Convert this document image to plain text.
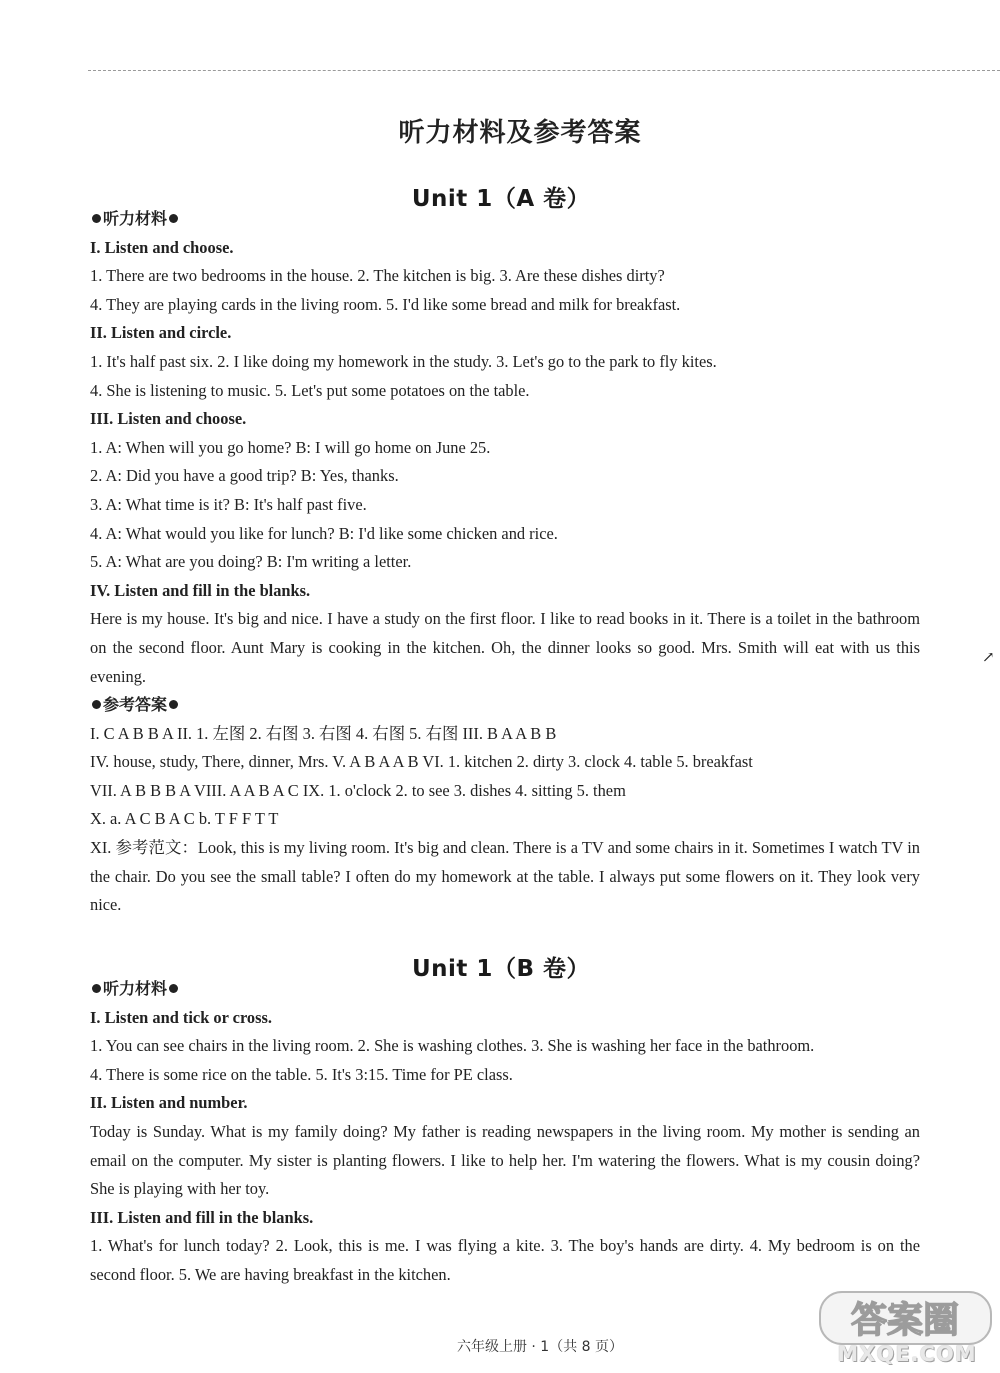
听力材料及参考答案
Unit 1（A 卷）
听力材料
I. Listen and choose.
1. There are two bedrooms in the house. 2. The kitchen is big. 3. Are these dishes dirty?
4. They are playing cards in the living room. 5. I'd like some bread and milk for breakfast.
II. Listen and circle.
1. It's half past six. 2. I like doing my homework in the study. 3. Let's go to the park to fly kites.
4. She is listening to music. 5. Let's put some potatoes on the table.
III. Listen and choose.
1. A: When will you go home? B: I will go home on June 25.
2. A: Did you have a good trip? B: Yes, thanks.
3. A: What time is it? B: It's half past five.
4. A: What would you like for lunch? B: I'd like some chicken and rice.
5. A: What are you doing? B: I'm writing a letter.
IV. Listen and fill in the blanks.
Here is my house. It's big and nice. I have a study on the first floor. I like to read books in it. There is a toilet in the bathroom on the second floor. Aunt Mary is cooking in the kitchen. Oh, the dinner looks so good. Mrs. Smith will eat with us this evening.
参考答案
I. C A B B A II. 1. 左图 2. 右图 3. 右图 4. 右图 5. 右图 III. B A A B B
IV. house, study, There, dinner, Mrs. V. A B A A B VI. 1. kitchen 2. dirty 3. clock 4. table 5. breakfast
VII. A B B B A VIII. A A B A C IX. 1. o'clock 2. to see 3. dishes 4. sitting 5. them
X. a. A C B A C b. T F F T T
XI. 参考范文：Look, this is my living room. It's big and clean. There is a TV and some chairs in it. Sometimes I watch TV in the chair. Do you see the small table? I often do my homework at the table. I always put some flowers on it. They look very nice.
Unit 1（B 卷）
听力材料
I. Listen and tick or cross.
1. You can see chairs in the living room. 2. She is washing clothes. 3. She is washing her face in the bathroom.
4. There is some rice on the table. 5. It's 3:15. Time for PE class.
II. Listen and number.
Today is Sunday. What is my family doing? My father is reading newspapers in the living room. My mother is sending an email on the computer. My sister is planting flowers. I like to help her. I'm watering the flowers. What is my cousin doing? She is playing with her toy.
III. Listen and fill in the blanks.
1. What's for lunch today? 2. Look, this is me. I was flying a kite. 3. The boy's hands are dirty. 4. My bedroom is on the second floor. 5. We are having breakfast in the kitchen.
↗
答案圈
MXQE.COM
六年级上册 · 1（共 8 页）
